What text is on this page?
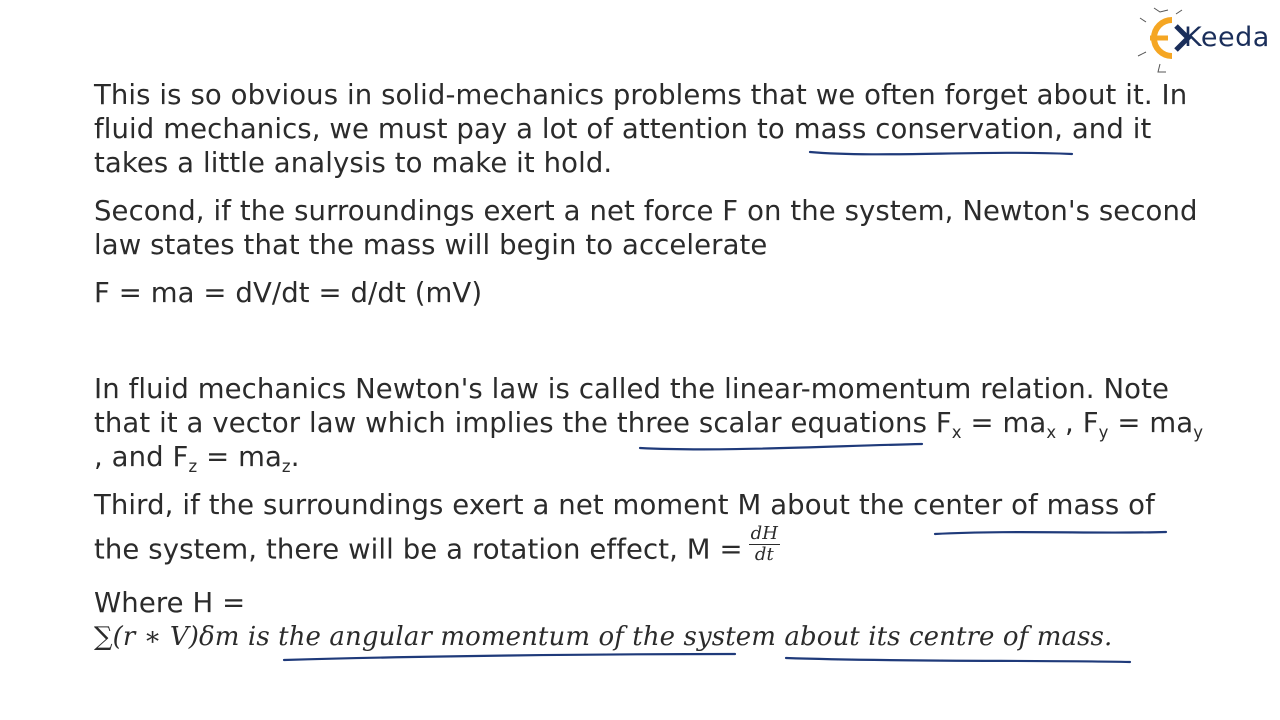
Keeda
This is so obvious in solid-mechanics problems that we often forget about it. In
fluid mechanics, we must pay a lot of attention to mass conservation, and it
takes a little analysis to make it hold.
Second, if the surroundings exert a net force F on the system, Newton's second
law states that the mass will begin to accelerate
F = ma = dV/dt = d/dt (mV)
In fluid mechanics Newton's law is called the linear-momentum relation. Note
that it a vector law which implies the three scalar equations $F_x = ma_x$ , $F_y = ma_y$
, and $F_z = ma_z$.
Third, if the surroundings exert a net moment M about the center of mass of
the system, there will be a rotation effect, $M = \frac{dH}{dt}$
Where H =
∑(r ∗ V)δm is the angular momentum of the system about its centre of mass.
